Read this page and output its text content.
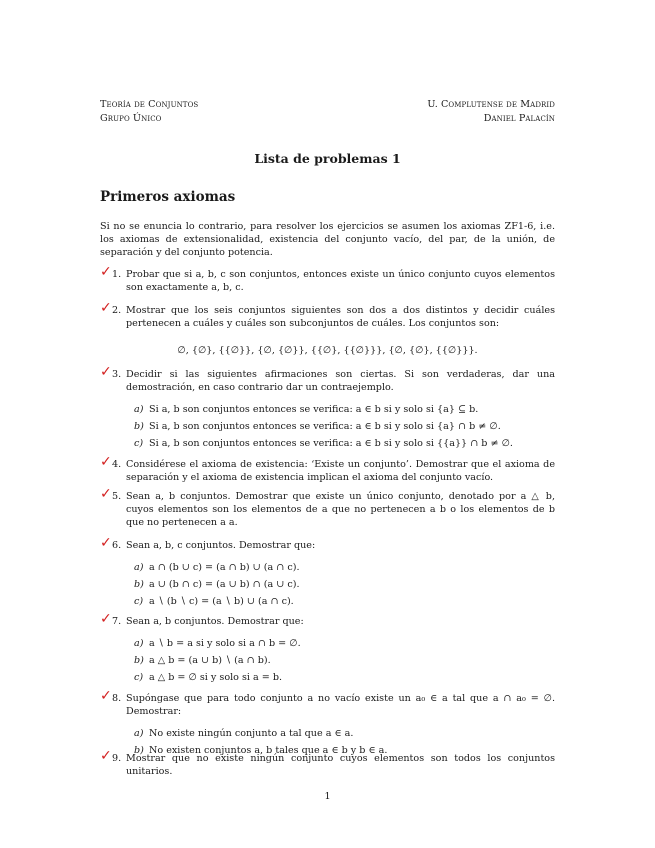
Teoría de Conjuntos
Grupo Único
U. Complutense de Madrid
Daniel Palacín
Lista de problemas 1
Primeros axiomas
Si no se enuncia lo contrario, para resolver los ejercicios se asumen los axiomas ZF1-6, i.e. los axiomas de extensionalidad, existencia del conjunto vacío, del par, de la unión, de separación y del conjunto potencia.
✓ 1. Probar que si a, b, c son conjuntos, entonces existe un único conjunto cuyos elementos son exactamente a, b, c.
✓ 2. Mostrar que los seis conjuntos siguientes son dos a dos distintos y decidir cuáles pertenecen a cuáles y cuáles son subconjuntos de cuáles. Los conjuntos son:
∅, {∅}, {{∅}}, {∅, {∅}}, {{∅}, {{∅}}}, {∅, {∅}, {{∅}}}.
✓ 3. Decidir si las siguientes afirmaciones son ciertas. Si son verdaderas, dar una demostración, en caso contrario dar un contraejemplo.
a) Si a, b son conjuntos entonces se verifica: a ∈ b si y solo si {a} ⊆ b.
b) Si a, b son conjuntos entonces se verifica: a ∈ b si y solo si {a} ∩ b ≠ ∅.
c) Si a, b son conjuntos entonces se verifica: a ∈ b si y solo si {{a}} ∩ b ≠ ∅.
✓ 4. Considérese el axioma de existencia: ‘Existe un conjunto’. Demostrar que el axioma de separación y el axioma de existencia implican el axioma del conjunto vacío.
✓ 5. Sean a, b conjuntos. Demostrar que existe un único conjunto, denotado por a △ b, cuyos elementos son los elementos de a que no pertenecen a b o los elementos de b que no pertenecen a a.
✓ 6. Sean a, b, c conjuntos. Demostrar que:
a) a ∩ (b ∪ c) = (a ∩ b) ∪ (a ∩ c).
b) a ∪ (b ∩ c) = (a ∪ b) ∩ (a ∪ c).
c) a ∖ (b ∖ c) = (a ∖ b) ∪ (a ∩ c).
✓ 7. Sean a, b conjuntos. Demostrar que:
a) a ∖ b = a si y solo si a ∩ b = ∅.
b) a △ b = (a ∪ b) ∖ (a ∩ b).
c) a △ b = ∅ si y solo si a = b.
✓ 8. Supóngase que para todo conjunto a no vacío existe un a₀ ∈ a tal que a ∩ a₀ = ∅. Demostrar:
a) No existe ningún conjunto a tal que a ∈ a.
b) No existen conjuntos a, b tales que a ∈ b y b ∈ a.
✓ 9. Mostrar que no existe ningún conjunto cuyos elementos son todos los conjuntos unitarios.
1
